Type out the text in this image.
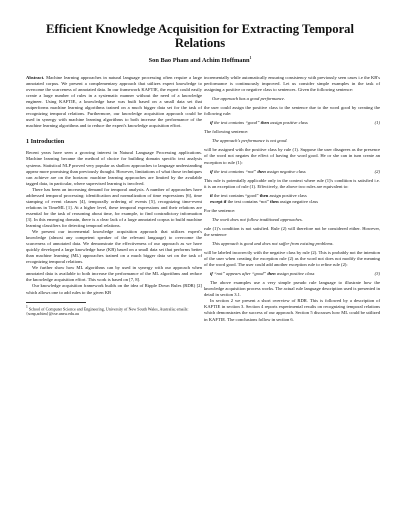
Efficient Knowledge Acquisition for Extracting Temporal Relations
Son Bao Pham and Achim Hoffmann$^1$

Abstract. Machine learning approaches in natural language processing often require a large annotated corpus. We present a complementary approach that utilizes expert knowledge to overcome the scarceness of annotated data. In our framework KAFTIE, the expert could easily create a large number of rules in a systematic manner without the need of a knowledge engineer. Using KAFTIE, a knowledge base was built based on a small data set that outperforms machine learning algorithms trained on a much bigger data set for the task of recognizing temporal relations. Furthermore, our knowledge acquisition approach could be used in synergy with machine learning algorithms to both increase the performance of the machine learning algorithms and to reduce the expert's knowledge acquisition effort.

1 Introduction

Recent years have seen a growing interest in Natural Language Processing applications. Machine learning became the method of choice for building domain specific text analysis systems. Statistical NLP proved very popular as shallow approaches to language understanding appear more promising than previously thought. However, limitations of what those techniques can achieve are on the horizon: machine learning approaches are limited by the available tagged data, in particular, where supervised learning is involved.

There has been an increasing demand for temporal analysis. A number of approaches have addressed temporal processing: identification and normalization of time expressions [6], time stamping of event clauses [4], temporally ordering of events [5], recognizing time-event relations in TimeML [1]. At a higher level, these temporal expressions and their relations are essential for the task of reasoning about time, for example, to find contradictory information [3]. In this emerging domain, there is a clear lack of a large annotated corpus to build machine learning classifiers for detecting temporal relations.

We present our incremental knowledge acquisition approach that utilizes expert's knowledge (almost any competent speaker of the relevant language) to overcome the scarceness of annotated data. We demonstrate the effectiveness of our approach as we have quickly developed a large knowledge base (KB) based on a small data set that performs better than machine learning (ML) approaches trained on a much bigger data set on the task of recognizing temporal relations.

We further show how ML algorithms can by used in synergy with our approach when annotated data is available to both increase the performance of the ML algorithms and reduce the knowledge acquisition effort. This work is based on [7, 8].

Our knowledge acquisition framework builds on the idea of Ripple Down Rules (RDR) [2] which allows one to add rules to the given KB

$^1$ School of Computer Science and Engineering, University of New South Wales, Australia; emails: {sonp,achim}@cse.unsw.edu.au

incrementally while automatically ensuring consistency with previously seen cases i.e the KB's performance is continuously improved. Let us consider simple examples in the task of assigning a positive or negative class to sentences. Given the following sentence:

Our approach has a good performance.

the user could assign the positive class to the sentence due to the word good by creating the following rule:

if the text contains “good” then assign positive class	(1)

The following sentence:

The approach's performance is not good.

will be assigned with the positive class by rule (1). Suppose the user disagrees as the presence of the word not negates the effect of having the word good. He or she can in turn create an exception to rule (1):

if the text contains “not” then assign negative class	(2)

This rule is potentially applicable only in the context where rule (1)'s condition is satisfied i.e. it is an exception of rule (1). Effectively, the above two rules are equivalent to:

if the text contains “good” then assign positive class
except if the text contains “not” then assign negative class

For the sentence:

The work does not follow traditional approaches.

rule (1)'s condition is not satisfied. Rule (2) will therefore not be considered either. However, the sentence

This approach is good and does not suffer from existing problems.

will be labeled incorrectly with the negative class by rule (2). This is probably not the intention of the user when creating the exception rule (2) as the word not does not modify the meaning of the word good. The user could add another exception rule to refine rule (2):

if “not” appears after “good” then assign positive class	(3)

The above examples use a very simple pseudo rule language to illustrate how the knowledge acquisition process works. The actual rule language description used is presented in detail in section 3.1.

In section 2 we present a short overview of RDR. This is followed by a description of KAFTIE in section 3. Section 4 reports experimental results on recognizing temporal relations which demonstrates the success of our approach. Section 5 discusses how ML could be utilized in KAFTIE. The conclusions follow in section 6.
